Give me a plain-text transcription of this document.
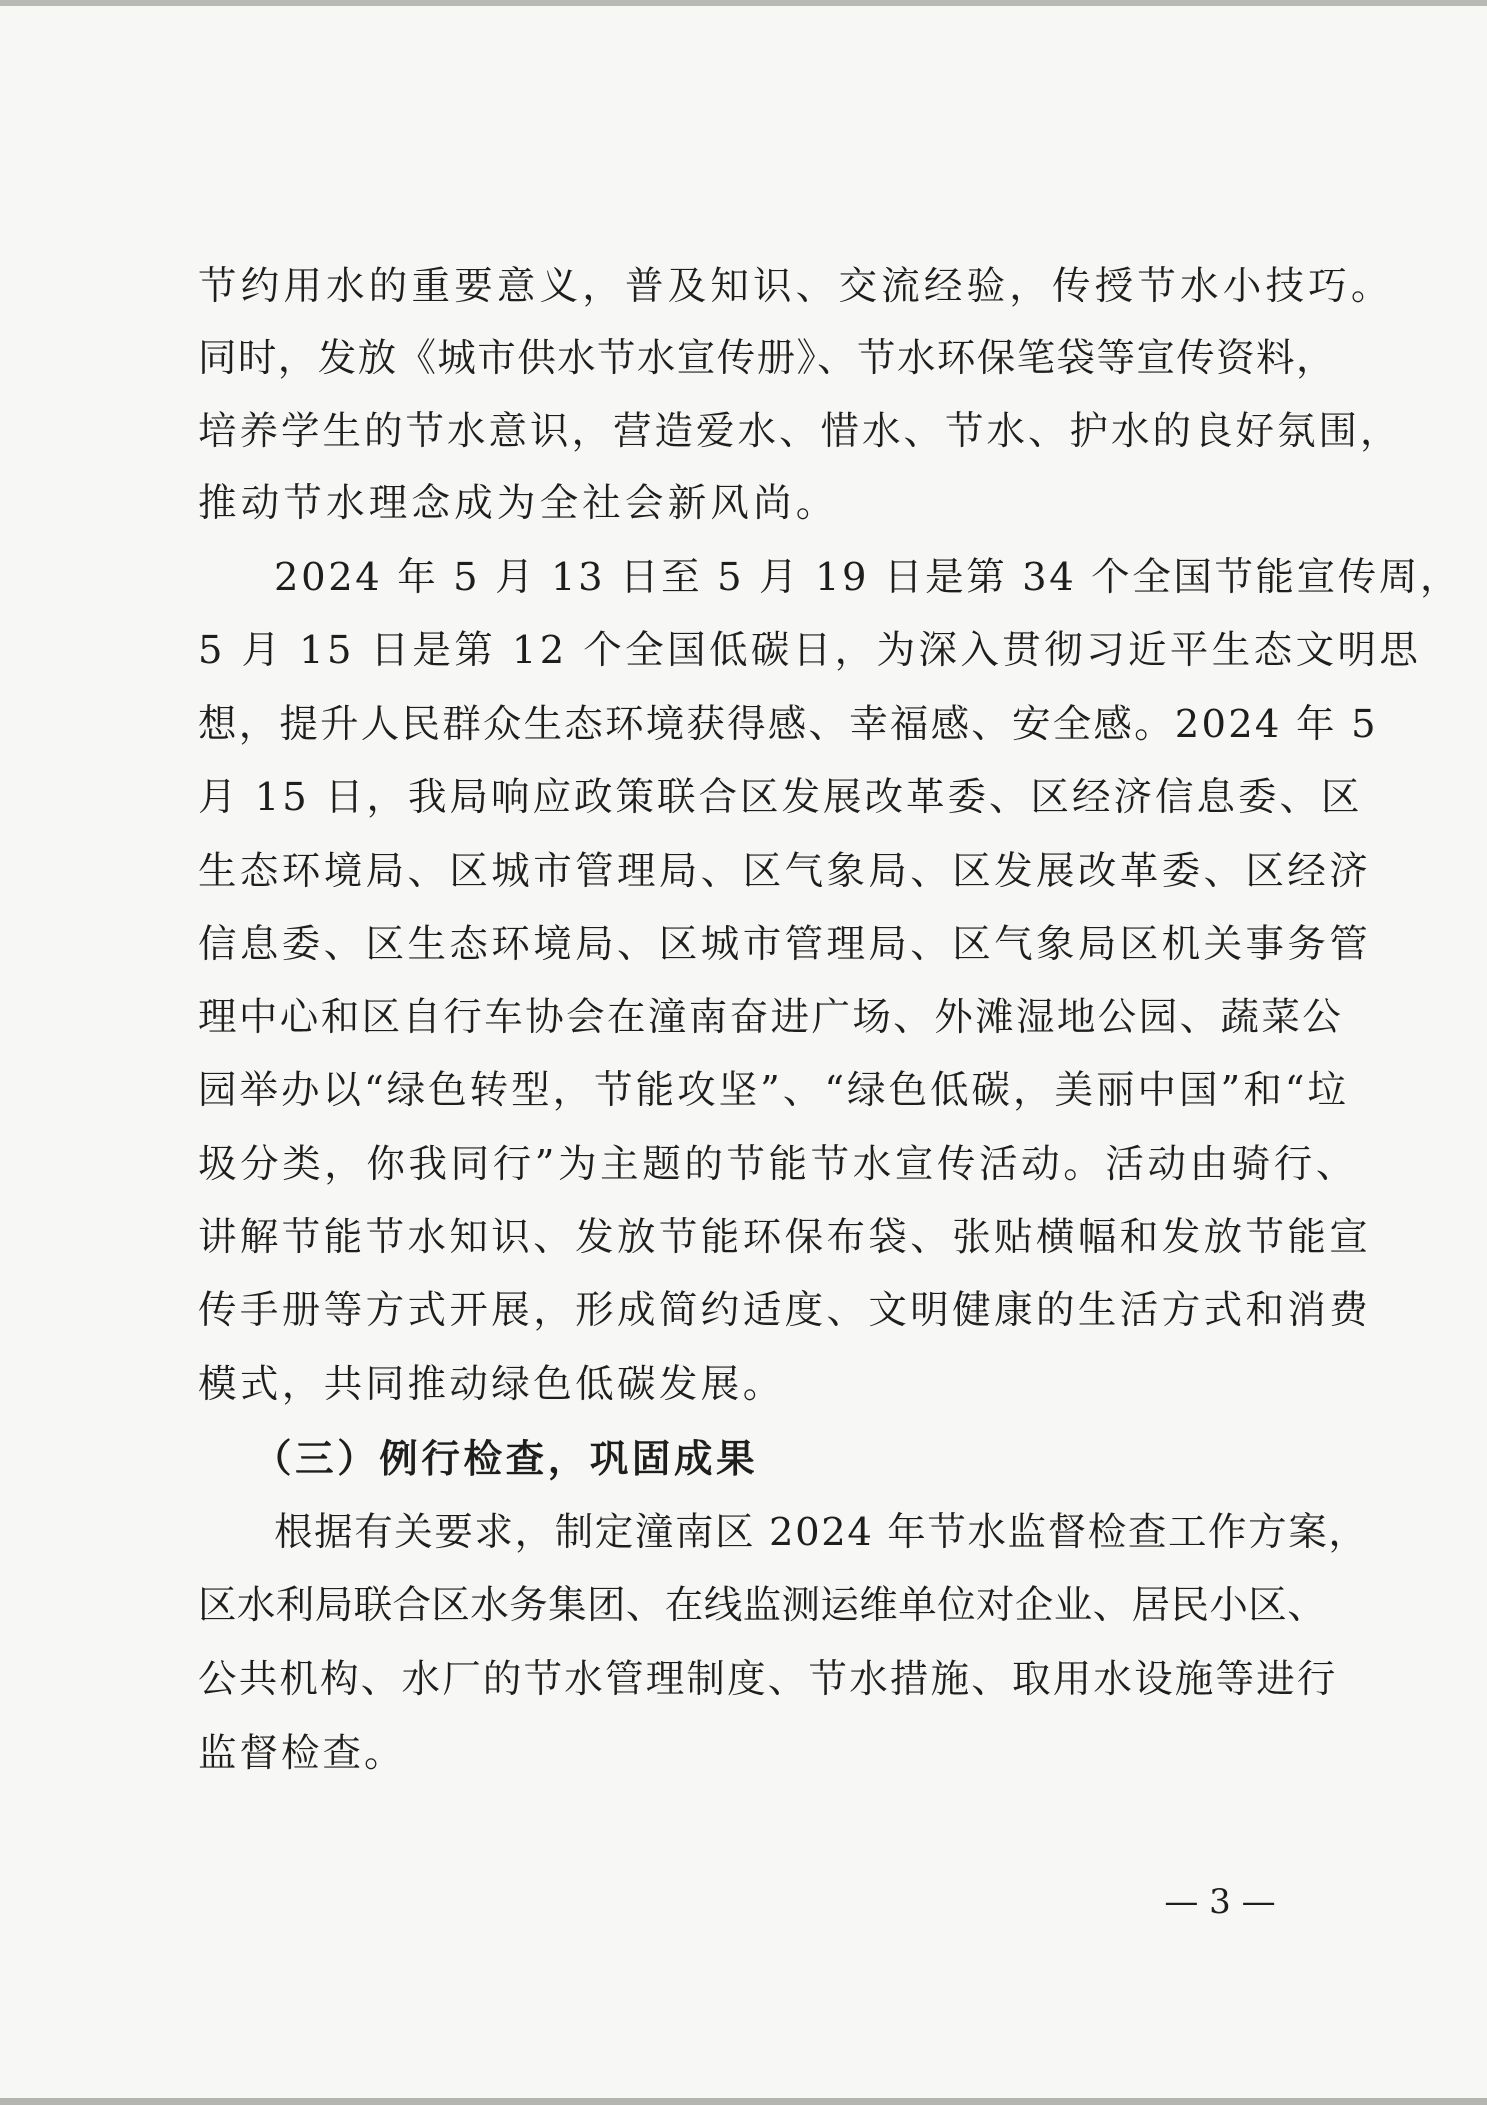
节约用水的重要意义，普及知识、交流经验，传授节水小技巧。

同时，发放《城市供水节水宣传册》、节水环保笔袋等宣传资料，

培养学生的节水意识，营造爱水、惜水、节水、护水的良好氛围，

推动节水理念成为全社会新风尚。

2024 年 5 月 13 日至 5 月 19 日是第 34 个全国节能宣传周，

5 月 15 日是第 12 个全国低碳日，为深入贯彻习近平生态文明思

想，提升人民群众生态环境获得感、幸福感、安全感。2024 年 5

月 15 日，我局响应政策联合区发展改革委、区经济信息委、区

生态环境局、区城市管理局、区气象局、区发展改革委、区经济

信息委、区生态环境局、区城市管理局、区气象局区机关事务管

理中心和区自行车协会在潼南奋进广场、外滩湿地公园、蔬菜公

园举办以“绿色转型，节能攻坚”、“绿色低碳，美丽中国”和“垃

圾分类，你我同行”为主题的节能节水宣传活动。活动由骑行、

讲解节能节水知识、发放节能环保布袋、张贴横幅和发放节能宣

传手册等方式开展，形成简约适度、文明健康的生活方式和消费

模式，共同推动绿色低碳发展。

（三）例行检查，巩固成果

根据有关要求，制定潼南区 2024 年节水监督检查工作方案，

区水利局联合区水务集团、在线监测运维单位对企业、居民小区、

公共机构、水厂的节水管理制度、节水措施、取用水设施等进行

监督检查。

— 3 —
